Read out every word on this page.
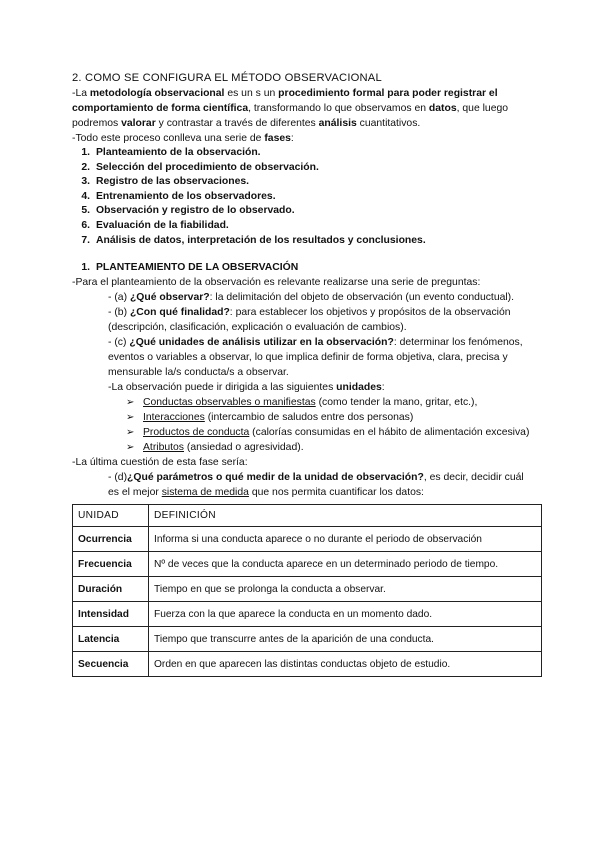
2. COMO SE CONFIGURA EL MÉTODO OBSERVACIONAL

-La metodología observacional es un s un procedimiento formal para poder registrar el comportamiento de forma científica, transformando lo que observamos en datos, que luego podremos valorar y contrastar a través de diferentes análisis cuantitativos.

-Todo este proceso conlleva una serie de fases:

1. Planteamiento de la observación.
2. Selección del procedimiento de observación.
3. Registro de las observaciones.
4. Entrenamiento de los observadores.
5. Observación y registro de lo observado.
6. Evaluación de la fiabilidad.
7. Análisis de datos, interpretación de los resultados y conclusiones.
1. PLANTEAMIENTO DE LA OBSERVACIÓN

-Para el planteamiento de la observación es relevante realizarse una serie de preguntas:

- (a) ¿Qué observar?: la delimitación del objeto de observación (un evento conductual).

- (b) ¿Con qué finalidad?: para establecer los objetivos y propósitos de la observación (descripción, clasificación, explicación o evaluación de cambios).

- (c) ¿Qué unidades de análisis utilizar en la observación?: determinar los fenómenos, eventos o variables a observar, lo que implica definir de forma objetiva, clara, precisa y mensurable la/s conducta/s a observar.

-La observación puede ir dirigida a las siguientes unidades:

➢ Conductas observables o manifiestas (como tender la mano, gritar, etc.),
➢ Interacciones (intercambio de saludos entre dos personas)
➢ Productos de conducta (calorías consumidas en el hábito de alimentación excesiva)
➢ Atributos (ansiedad o agresividad).

-La última cuestión de esta fase sería:

- (d)¿Qué parámetros o qué medir de la unidad de observación?, es decir, decidir cuál es el mejor sistema de medida que nos permita cuantificar los datos:

UNIDAD	DEFINICIÓN
Ocurrencia	Informa si una conducta aparece o no durante el periodo de observación
Frecuencia	Nº de veces que la conducta aparece en un determinado periodo de tiempo.
Duración	Tiempo en que se prolonga la conducta a observar.
Intensidad	Fuerza con la que aparece la conducta en un momento dado.
Latencia	Tiempo que transcurre antes de la aparición de una conducta.
Secuencia	Orden en que aparecen las distintas conductas objeto de estudio.
